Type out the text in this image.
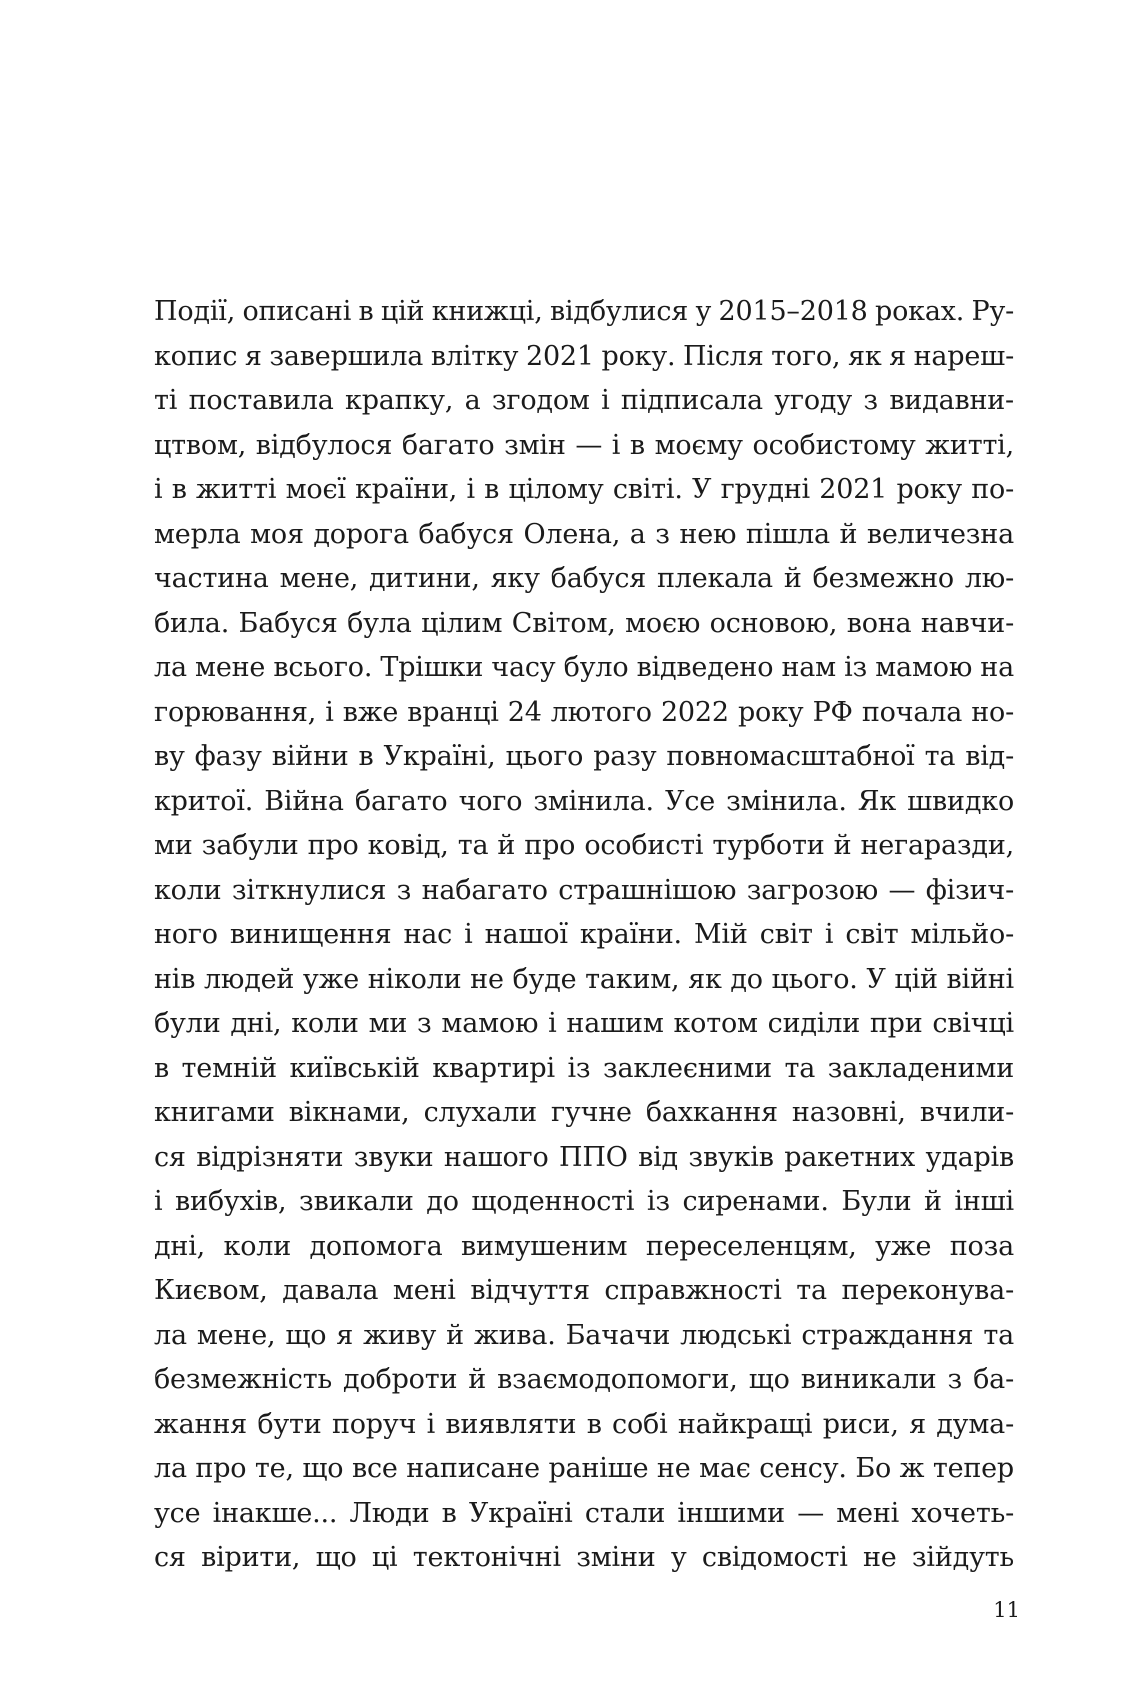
Події, описані в цій книжці, відбулися у 2015–2018 роках. Ру-
копис я завершила влітку 2021 року. Після того, як я нареш-
ті поставила крапку, а згодом і підписала угоду з видавни-
цтвом, відбулося багато змін — і в моєму особистому житті,
і в житті моєї країни, і в цілому світі. У грудні 2021 року по-
мерла моя дорога бабуся Олена, а з нею пішла й величезна
частина мене, дитини, яку бабуся плекала й безмежно лю-
била. Бабуся була цілим Світом, моєю основою, вона навчи-
ла мене всього. Трішки часу було відведено нам із мамою на
горювання, і вже вранці 24 лютого 2022 року РФ почала но-
ву фазу війни в Україні, цього разу повномасштабної та від-
критої. Війна багато чого змінила. Усе змінила. Як швидко
ми забули про ковід, та й про особисті турботи й негаразди,
коли зіткнулися з набагато страшнішою загрозою — фізич-
ного винищення нас і нашої країни. Мій світ і світ мільйо-
нів людей уже ніколи не буде таким, як до цього. У цій війні
були дні, коли ми з мамою і нашим котом сиділи при свічці
в темній київській квартирі із заклеєними та закладеними
книгами вікнами, слухали гучне бахкання назовні, вчили-
ся відрізняти звуки нашого ППО від звуків ракетних ударів
і вибухів, звикали до щоденності із сиренами. Були й інші
дні, коли допомога вимушеним переселенцям, уже поза
Києвом, давала мені відчуття справжності та переконува-
ла мене, що я живу й жива. Бачачи людські страждання та
безмежність доброти й взаємодопомоги, що виникали з ба-
жання бути поруч і виявляти в собі найкращі риси, я дума-
ла про те, що все написане раніше не має сенсу. Бо ж тепер
усе інакше... Люди в Україні стали іншими — мені хочеть-
ся вірити, що ці тектонічні зміни у свідомості не зійдуть
11
